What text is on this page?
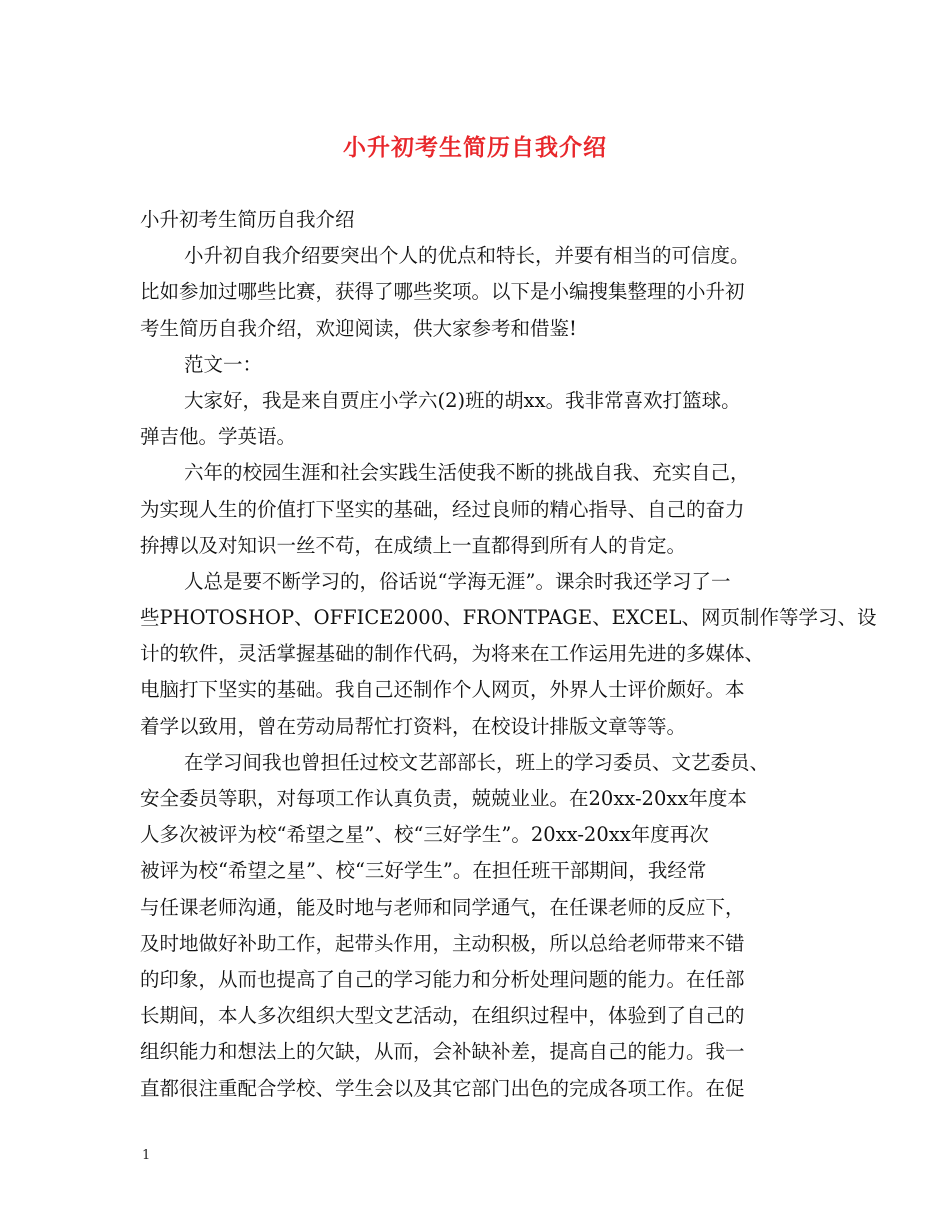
小升初考生简历自我介绍
小升初考生简历自我介绍
小升初自我介绍要突出个人的优点和特长，并要有相当的可信度。
比如参加过哪些比赛，获得了哪些奖项。以下是小编搜集整理的小升初
考生简历自我介绍，欢迎阅读，供大家参考和借鉴!
范文一：
大家好，我是来自贾庄小学六(2)班的胡xx。我非常喜欢打篮球。
弹吉他。学英语。
六年的校园生涯和社会实践生活使我不断的挑战自我、充实自己，
为实现人生的价值打下坚实的基础，经过良师的精心指导、自己的奋力
拚搏以及对知识一丝不苟，在成绩上一直都得到所有人的肯定。
人总是要不断学习的，俗话说“学海无涯”。课余时我还学习了一
些PHOTOSHOP、OFFICE2000、FRONTPAGE、EXCEL、网页制作等学习、设
计的软件，灵活掌握基础的制作代码，为将来在工作运用先进的多媒体、
电脑打下坚实的基础。我自己还制作个人网页，外界人士评价颇好。本
着学以致用，曾在劳动局帮忙打资料，在校设计排版文章等等。
在学习间我也曾担任过校文艺部部长，班上的学习委员、文艺委员、
安全委员等职，对每项工作认真负责，兢兢业业。在20xx-20xx年度本
人多次被评为校“希望之星”、校“三好学生”。20xx-20xx年度再次
被评为校“希望之星”、校“三好学生”。在担任班干部期间，我经常
与任课老师沟通，能及时地与老师和同学通气，在任课老师的反应下，
及时地做好补助工作，起带头作用，主动积极，所以总给老师带来不错
的印象，从而也提高了自己的学习能力和分析处理问题的能力。在任部
长期间，本人多次组织大型文艺活动，在组织过程中，体验到了自己的
组织能力和想法上的欠缺，从而，会补缺补差，提高自己的能力。我一
直都很注重配合学校、学生会以及其它部门出色的完成各项工作。在促
1
